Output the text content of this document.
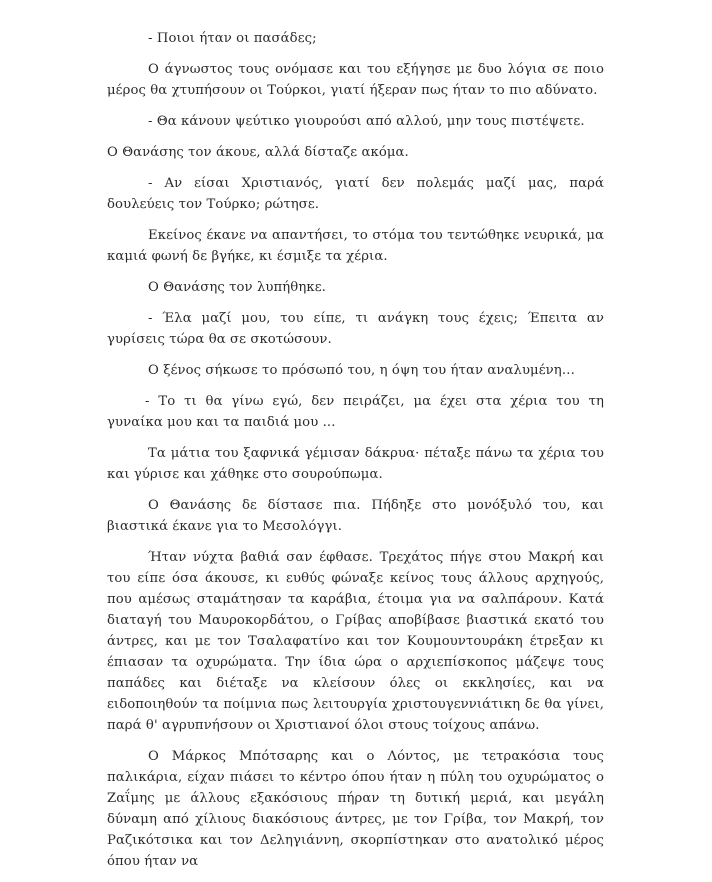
- Ποιοι ήταν οι πασάδες;

Ο άγνωστος τους ονόμασε και του εξήγησε με δυο λόγια σε ποιο μέρος θα χτυπήσουν οι Τούρκοι, γιατί ήξεραν πως ήταν το πιο αδύνατο.

- Θα κάνουν ψεύτικο γιουρούσι από αλλού, μην τους πιστέψετε.

Ο Θανάσης τον άκουε, αλλά δίσταζε ακόμα.

- Αν είσαι Χριστιανός, γιατί δεν πολεμάς μαζί μας, παρά δουλεύεις τον Τούρκο; ρώτησε.

Εκείνος έκανε να απαντήσει, το στόμα του τεντώθηκε νευρικά, μα καμιά φωνή δε βγήκε, κι έσμιξε τα χέρια.

Ο Θανάσης τον λυπήθηκε.

- Έλα μαζί μου, του είπε, τι ανάγκη τους έχεις; Έπειτα αν γυρίσεις τώρα θα σε σκοτώσουν.

Ο ξένος σήκωσε το πρόσωπό του, η όψη του ήταν αναλυμένη…

- Το τι θα γίνω εγώ, δεν πειράζει, μα έχει στα χέρια του τη γυναίκα μου και τα παιδιά μου ...

Τα μάτια του ξαφνικά γέμισαν δάκρυα· πέταξε πάνω τα χέρια του και γύρισε και χάθηκε στο σουρούπωμα.

Ο Θανάσης δε δίστασε πια. Πήδηξε στο μονόξυλό του, και βιαστικά έκανε για το Μεσολόγγι.

Ήταν νύχτα βαθιά σαν έφθασε. Τρεχάτος πήγε στου Μακρή και του είπε όσα άκουσε, κι ευθύς φώναξε κείνος τους άλλους αρχηγούς, που αμέσως σταμάτησαν τα καράβια, έτοιμα για να σαλπάρουν. Κατά διαταγή του Μαυροκορδάτου, ο Γρίβας αποβίβασε βιαστικά εκατό του άντρες, και με τον Τσαλαφατίνο και τον Κουμουντουράκη έτρεξαν κι έπιασαν τα οχυρώματα. Την ίδια ώρα ο αρχιεπίσκοπος μάζεψε τους παπάδες και διέταξε να κλείσουν όλες οι εκκλησίες, και να ειδοποιηθούν τα ποίμνια πως λειτουργία χριστουγεννιάτικη δε θα γίνει, παρά θ' αγρυπνήσουν οι Χριστιανοί όλοι στους τοίχους απάνω.

Ο Μάρκος Μπότσαρης και ο Λόντος, με τετρακόσια τους παλικάρια, είχαν πιάσει το κέντρο όπου ήταν η πύλη του οχυρώματος ο Ζαΐμης με άλλους εξακόσιους πήραν τη δυτική μεριά, και μεγάλη δύναμη από χίλιους διακόσιους άντρες, με τον Γρίβα, τον Μακρή, τον Ραζικότσικα και τον Δεληγιάννη, σκορπίστηκαν στο ανατολικό μέρος όπου ήταν να
